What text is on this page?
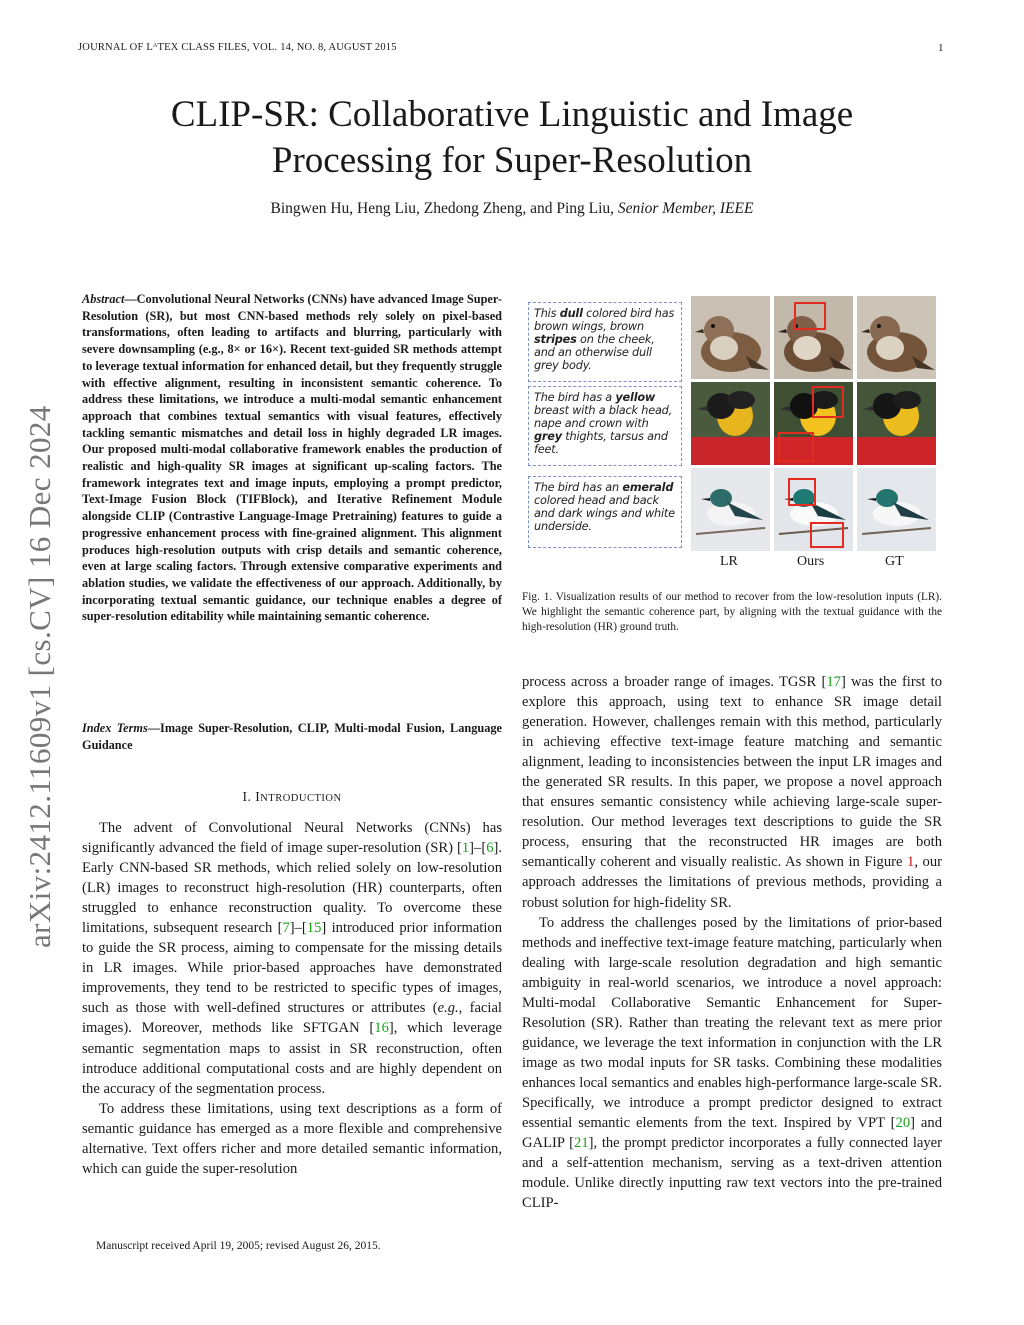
JOURNAL OF LᴬTEX CLASS FILES, VOL. 14, NO. 8, AUGUST 2015	1
arXiv:2412.11609v1 [cs.CV] 16 Dec 2024
CLIP-SR: Collaborative Linguistic and Image
Processing for Super-Resolution
Bingwen Hu, Heng Liu, Zhedong Zheng, and Ping Liu, Senior Member, IEEE
Abstract—Convolutional Neural Networks (CNNs) have advanced Image Super-Resolution (SR), but most CNN-based methods rely solely on pixel-based transformations, often leading to artifacts and blurring, particularly with severe downsampling (e.g., 8× or 16×). Recent text-guided SR methods attempt to leverage textual information for enhanced detail, but they frequently struggle with effective alignment, resulting in inconsistent semantic coherence. To address these limitations, we introduce a multi-modal semantic enhancement approach that combines textual semantics with visual features, effectively tackling semantic mismatches and detail loss in highly degraded LR images. Our proposed multi-modal collaborative framework enables the production of realistic and high-quality SR images at significant up-scaling factors. The framework integrates text and image inputs, employing a prompt predictor, Text-Image Fusion Block (TIFBlock), and Iterative Refinement Module alongside CLIP (Contrastive Language-Image Pretraining) features to guide a progressive enhancement process with fine-grained alignment. This alignment produces high-resolution outputs with crisp details and semantic coherence, even at large scaling factors. Through extensive comparative experiments and ablation studies, we validate the effectiveness of our approach. Additionally, by incorporating textual semantic guidance, our technique enables a degree of super-resolution editability while maintaining semantic coherence.
Index Terms—Image Super-Resolution, CLIP, Multi-modal Fusion, Language Guidance
I. INTRODUCTION

The advent of Convolutional Neural Networks (CNNs) has significantly advanced the field of image super-resolution (SR) [1]–[6]. Early CNN-based SR methods, which relied solely on low-resolution (LR) images to reconstruct high-resolution (HR) counterparts, often struggled to enhance reconstruction quality. To overcome these limitations, subsequent research [7]–[15] introduced prior information to guide the SR process, aiming to compensate for the missing details in LR images. While prior-based approaches have demonstrated improvements, they tend to be restricted to specific types of images, such as those with well-defined structures or attributes (e.g., facial images). Moreover, methods like SFTGAN [16], which leverage semantic segmentation maps to assist in SR reconstruction, often introduce additional computational costs and are highly dependent on the accuracy of the segmentation process.

To address these limitations, using text descriptions as a form of semantic guidance has emerged as a more flexible and comprehensive alternative. Text offers richer and more detailed semantic information, which can guide the super-resolution

Manuscript received April 19, 2005; revised August 26, 2015.
This dull colored bird has brown wings, brown stripes on the cheek, and an otherwise dull grey body.
The bird has a yellow breast with a black head, nape and crown with grey thights, tarsus and feet.
The bird has an emerald colored head and back and dark wings and white underside.
LR	Ours	GT
Fig. 1. Visualization results of our method to recover from the low-resolution inputs (LR). We highlight the semantic coherence part, by aligning with the textual guidance with the high-resolution (HR) ground truth.

process across a broader range of images. TGSR [17] was the first to explore this approach, using text to enhance SR image detail generation. However, challenges remain with this method, particularly in achieving effective text-image feature matching and semantic alignment, leading to inconsistencies between the input LR images and the generated SR results. In this paper, we propose a novel approach that ensures semantic consistency while achieving large-scale super-resolution. Our method leverages text descriptions to guide the SR process, ensuring that the reconstructed HR images are both semantically coherent and visually realistic. As shown in Figure 1, our approach addresses the limitations of previous methods, providing a robust solution for high-fidelity SR.

To address the challenges posed by the limitations of prior-based methods and ineffective text-image feature matching, particularly when dealing with large-scale resolution degradation and high semantic ambiguity in real-world scenarios, we introduce a novel approach: Multi-modal Collaborative Semantic Enhancement for Super-Resolution (SR). Rather than treating the relevant text as mere prior guidance, we leverage the text information in conjunction with the LR image as two modal inputs for SR tasks. Combining these modalities enhances local semantics and enables high-performance large-scale SR. Specifically, we introduce a prompt predictor designed to extract essential semantic elements from the text. Inspired by VPT [20] and GALIP [21], the prompt predictor incorporates a fully connected layer and a self-attention mechanism, serving as a text-driven attention module. Unlike directly inputting raw text vectors into the pre-trained CLIP-
